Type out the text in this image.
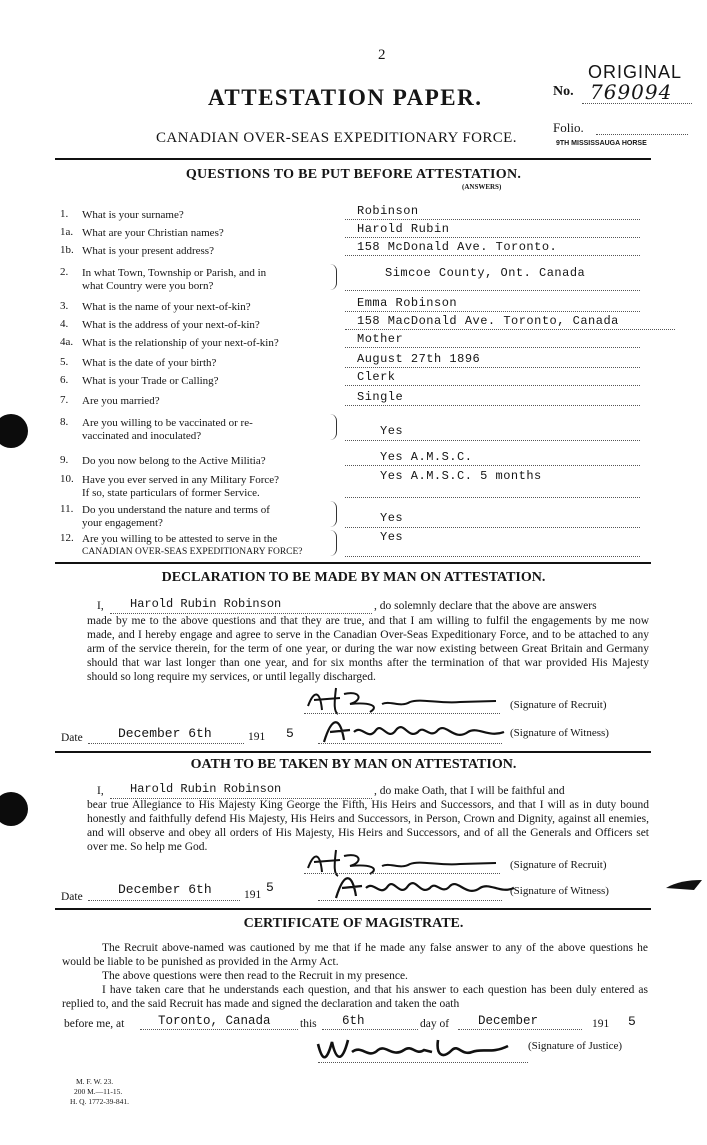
2
ORIGINAL
ATTESTATION PAPER.	No. 769094
CANADIAN OVER-SEAS EXPEDITIONARY FORCE.
Folio.
9TH MISSISSAUGA HORSE
QUESTIONS TO BE PUT BEFORE ATTESTATION.
(ANSWERS)
1.	What is your surname?	Robinson
1a. What are your Christian names?	Harold Rubin
1b. What is your present address?	158 McDonald Ave. Toronto.
2.	In what Town, Township or Parish, and in
what Country were you born?
Simcoe County, Ont. Canada
3.	What is the name of your next-of-kin?	Emma Robinson
4.	What is the address of your next-of-kin?	158 MacDonald Ave. Toronto, Canada
4a. What is the relationship of your next-of-kin?	Mother
5.	What is the date of your birth?	August 27th 1896
6.	What is your Trade or Calling?	Clerk
7.	Are you married?	Single
8.	Are you willing to be vaccinated or re-
vaccinated and inoculated?	Yes
9.	Do you now belong to the Active Militia?	Yes A.M.S.C.
10. Have you ever served in any Military Force?
If so, state particulars of former Service.
Yes A.M.S.C. 5 months
11. Do you understand the nature and terms of
your engagement?	Yes
12. Are you willing to be attested to serve in the
CANADIAN OVER-SEAS EXPEDITIONARY FORCE?
Yes
DECLARATION TO BE MADE BY MAN ON ATTESTATION.
I, Harold Rubin Robinson	, do solemnly declare that the above are answers
made by me to the above questions and that they are true, and that I am willing to fulfil the engagements by me now made, and I hereby engage and agree to serve in the Canadian Over-Seas Expeditionary Force, and to be attached to any arm of the service therein, for the term of one year, or during the war now existing between Great Britain and Germany should that war last longer than one year, and for six months after the termination of that war provided His Majesty should so long require my services, or until legally discharged.
(Signature of Recruit)
Date	December 6th	191 5	(Signature of Witness)
OATH TO BE TAKEN BY MAN ON ATTESTATION.
I, Harold Rubin Robinson	, do make Oath, that I will be faithful and
bear true Allegiance to His Majesty King George the Fifth, His Heirs and Successors, and that I will as in duty bound honestly and faithfully defend His Majesty, His Heirs and Successors, in Person, Crown and Dignity, against all enemies, and will observe and obey all orders of His Majesty, His Heirs and Successors, and of all the Generals and Officers set over me. So help me God.
(Signature of Recruit)
Date	December 6th	191 5	(Signature of Witness)
CERTIFICATE OF MAGISTRATE.
The Recruit above-named was cautioned by me that if he made any false answer to any of the above questions he would be liable to be punished as provided in the Army Act.
The above questions were then read to the Recruit in my presence.
I have taken care that he understands each question, and that his answer to each question has been duly entered as replied to, and the said Recruit has made and signed the declaration and taken the oath
before me, at	Toronto, Canada	this 6th	day of December	191 5
(Signature of Justice)
M. F. W. 23.
200 M.—11-15.
H. Q. 1772-39-841.
